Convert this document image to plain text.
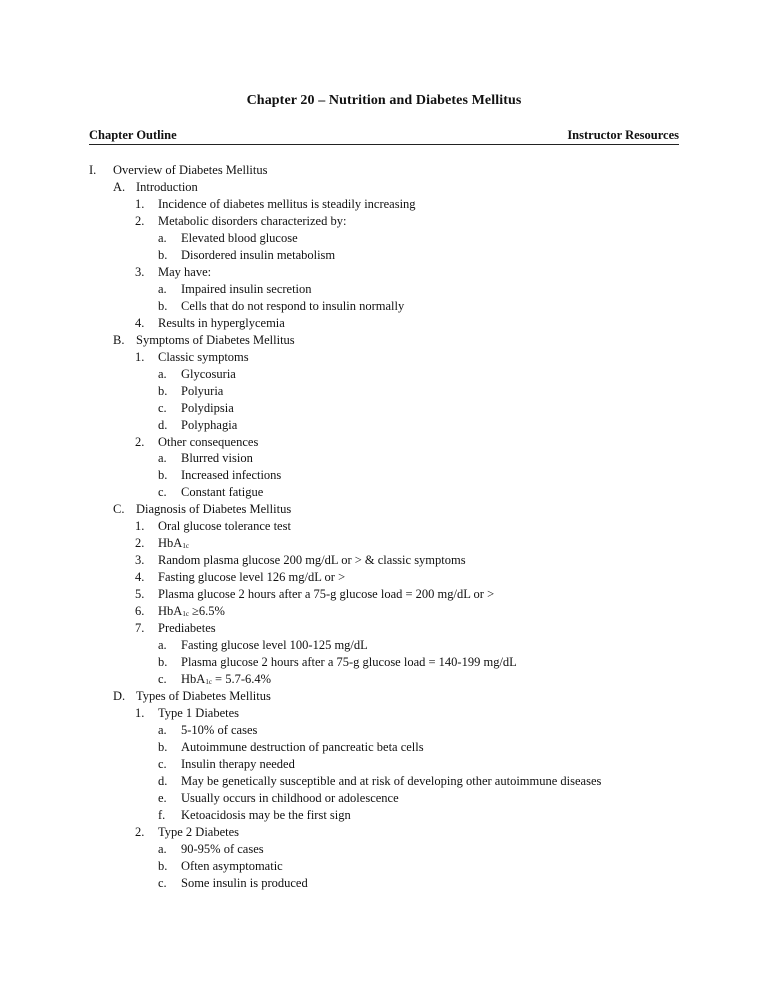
Chapter 20 – Nutrition and Diabetes Mellitus
Chapter Outline	Instructor Resources
I. Overview of Diabetes Mellitus
A. Introduction
1. Incidence of diabetes mellitus is steadily increasing
2. Metabolic disorders characterized by:
a. Elevated blood glucose
b. Disordered insulin metabolism
3. May have:
a. Impaired insulin secretion
b. Cells that do not respond to insulin normally
4. Results in hyperglycemia
B. Symptoms of Diabetes Mellitus
1. Classic symptoms
a. Glycosuria
b. Polyuria
c. Polydipsia
d. Polyphagia
2. Other consequences
a. Blurred vision
b. Increased infections
c. Constant fatigue
C. Diagnosis of Diabetes Mellitus
1. Oral glucose tolerance test
2. HbA$_{1c}$
3. Random plasma glucose 200 mg/dL or > & classic symptoms
4. Fasting glucose level 126 mg/dL or >
5. Plasma glucose 2 hours after a 75-g glucose load = 200 mg/dL or >
6. HbA$_{1c}$ ≥6.5%
7. Prediabetes
a. Fasting glucose level 100-125 mg/dL
b. Plasma glucose 2 hours after a 75-g glucose load = 140-199 mg/dL
c. HbA$_{1c}$ = 5.7-6.4%
D. Types of Diabetes Mellitus
1. Type 1 Diabetes
a. 5-10% of cases
b. Autoimmune destruction of pancreatic beta cells
c. Insulin therapy needed
d. May be genetically susceptible and at risk of developing other autoimmune diseases
e. Usually occurs in childhood or adolescence
f. Ketoacidosis may be the first sign
2. Type 2 Diabetes
a. 90-95% of cases
b. Often asymptomatic
c. Some insulin is produced
